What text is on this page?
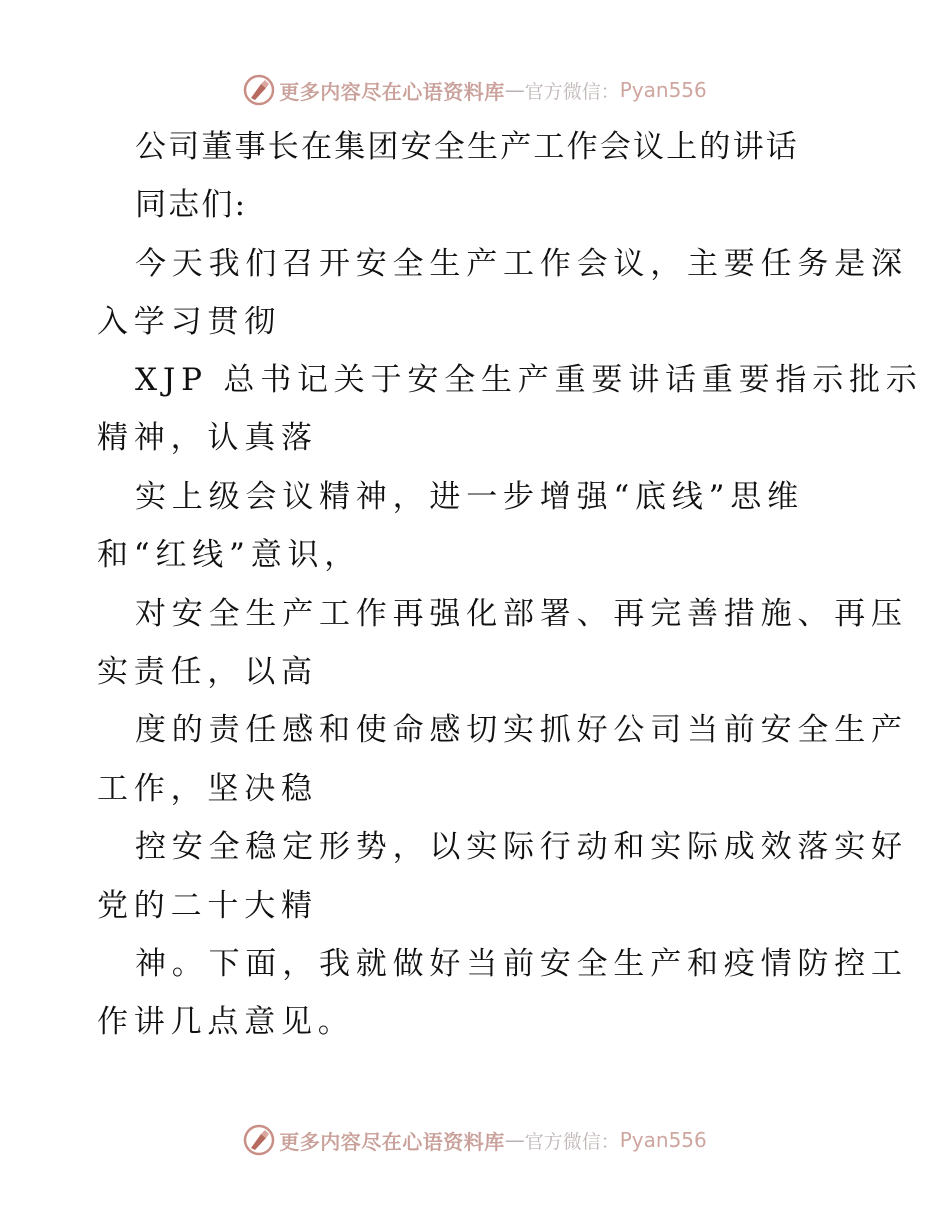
更多内容尽在心语资料库 — 官方微信： Pyan556

公司董事长在集团安全生产工作会议上的讲话

同志们:

今天我们召开安全生产工作会议，主要任务是深

入学习贯彻

XJP 总书记关于安全生产重要讲话重要指示批示

精神，认真落

实上级会议精神，进一步增强“底线”思维

和“红线”意识，

对安全生产工作再强化部署、再完善措施、再压

实责任，以高

度的责任感和使命感切实抓好公司当前安全生产

工作，坚决稳

控安全稳定形势，以实际行动和实际成效落实好

党的二十大精

神。下面，我就做好当前安全生产和疫情防控工

作讲几点意见。

更多内容尽在心语资料库 — 官方微信： Pyan556
